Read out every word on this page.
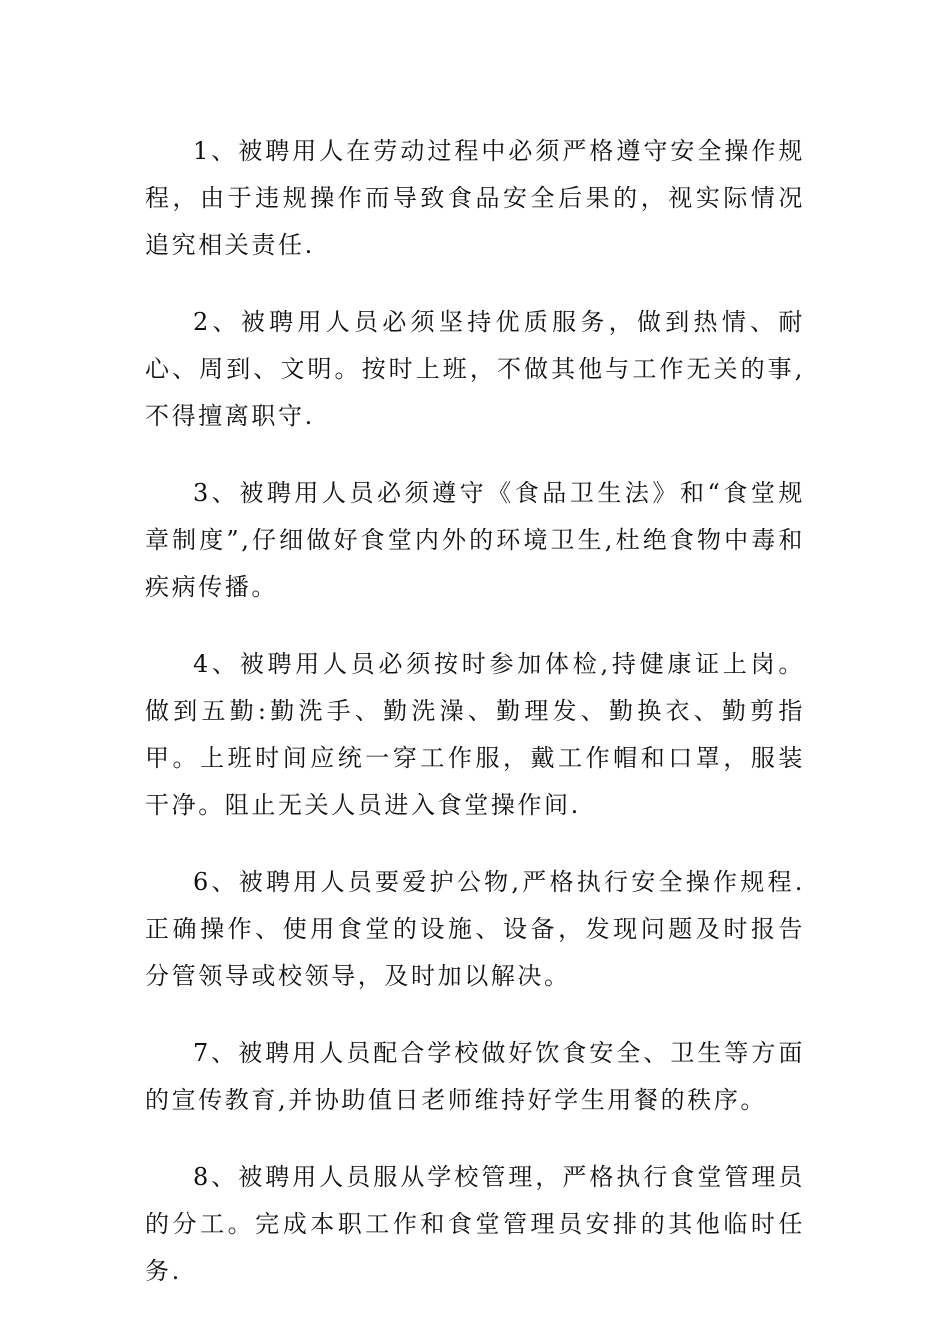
1、被聘用人在劳动过程中必须严格遵守安全操作规程，由于违规操作而导致食品安全后果的，视实际情况追究相关责任.

2、被聘用人员必须坚持优质服务，做到热情、耐心、周到、文明。按时上班，不做其他与工作无关的事,不得擅离职守.

3、被聘用人员必须遵守《食品卫生法》和“食堂规章制度”,仔细做好食堂内外的环境卫生,杜绝食物中毒和疾病传播。

4、被聘用人员必须按时参加体检,持健康证上岗。做到五勤:勤洗手、勤洗澡、勤理发、勤换衣、勤剪指甲。上班时间应统一穿工作服，戴工作帽和口罩，服装干净。阻止无关人员进入食堂操作间.

6、被聘用人员要爱护公物,严格执行安全操作规程.正确操作、使用食堂的设施、设备，发现问题及时报告分管领导或校领导，及时加以解决。

7、被聘用人员配合学校做好饮食安全、卫生等方面的宣传教育,并协助值日老师维持好学生用餐的秩序。

8、被聘用人员服从学校管理，严格执行食堂管理员的分工。完成本职工作和食堂管理员安排的其他临时任务.
